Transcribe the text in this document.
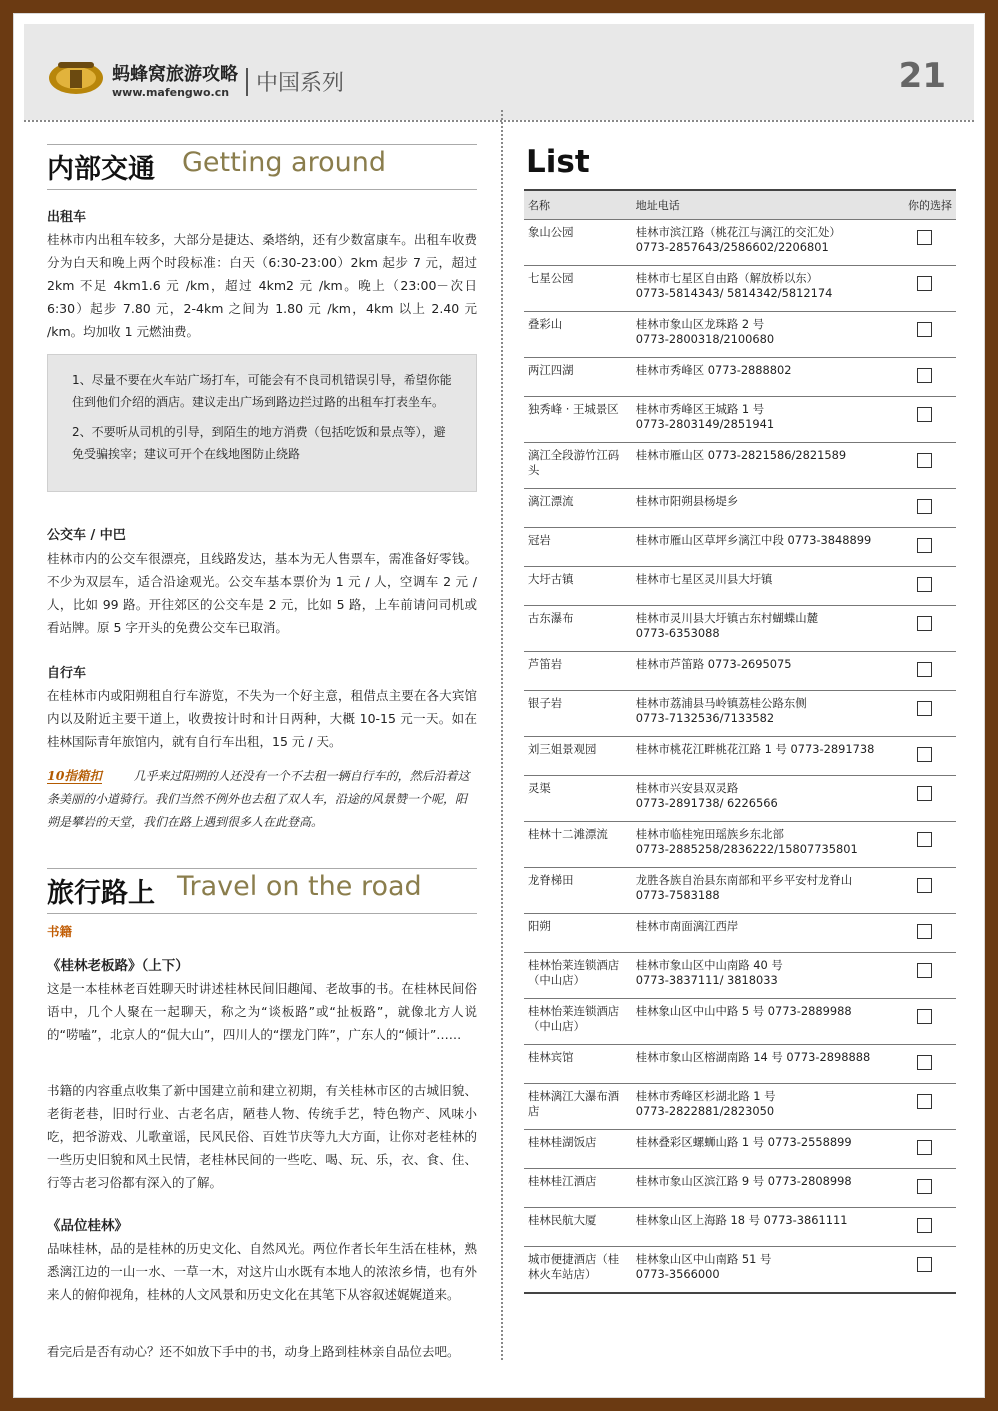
蚂蜂窝旅游攻略
www.mafengwo.cn 中国系列	21
内部交通 Getting around
出租车
桂林市内出租车较多，大部分是捷达、桑塔纳，还有少数富康车。出租车收费分为白天和晚上两个时段标准：白天（6:30-23:00）2km 起步 7 元，超过 2km 不足 4km1.6 元 /km，超过 4km2 元 /km。晚上（23:00－次日 6:30）起步 7.80 元，2-4km 之间为 1.80 元 /km，4km 以上 2.40 元 /km。均加收 1 元燃油费。

1、尽量不要在火车站广场打车，可能会有不良司机错误引导，希望你能住到他们介绍的酒店。建议走出广场到路边拦过路的出租车打表坐车。

2、不要听从司机的引导，到陌生的地方消费（包括吃饭和景点等），避免受骗挨宰；建议可开个在线地图防止绕路

公交车 / 中巴
桂林市内的公交车很漂亮，且线路发达，基本为无人售票车，需准备好零钱。不少为双层车，适合沿途观光。公交车基本票价为 1 元 / 人，空调车 2 元 / 人，比如 99 路。开往郊区的公交车是 2 元，比如 5 路，上车前请问司机或看站牌。原 5 字开头的免费公交车已取消。
自行车
在桂林市内或阳朔租自行车游览，不失为一个好主意，租借点主要在各大宾馆内以及附近主要干道上，收费按计时和计日两种，大概 10-15 元一天。如在桂林国际青年旅馆内，就有自行车出租，15 元 / 天。
10指箱扣	几乎来过阳朔的人还没有一个不去租一辆自行车的，然后沿着这条美丽的小道骑行。我们当然不例外也去租了双人车，沿途的风景赞一个呢，阳朔是攀岩的天堂，我们在路上遇到很多人在此登高。
旅行路上 Travel on the road
书籍
《桂林老板路》（上下）
这是一本桂林老百姓聊天时讲述桂林民间旧趣闻、老故事的书。在桂林民间俗语中，几个人聚在一起聊天，称之为“谈板路”或“扯板路”，就像北方人说的“唠嗑”，北京人的“侃大山”，四川人的“摆龙门阵”，广东人的“倾计”……
书籍的内容重点收集了新中国建立前和建立初期，有关桂林市区的古城旧貌、老街老巷，旧时行业、古老名店，陋巷人物、传统手艺，特色物产、风味小吃，把爷游戏、儿歌童谣，民风民俗、百姓节庆等九大方面，让你对老桂林的一些历史旧貌和风土民情，老桂林民间的一些吃、喝、玩、乐，衣、食、住、行等古老习俗都有深入的了解。
《品位桂林》
品味桂林，品的是桂林的历史文化、自然风光。两位作者长年生活在桂林，熟悉漓江边的一山一水、一草一木，对这片山水既有本地人的浓浓乡情，也有外来人的俯仰视角，桂林的人文风景和历史文化在其笔下从容叙述娓娓道来。
看完后是否有动心？还不如放下手中的书，动身上路到桂林亲自品位去吧。
List
名称	地址电话	你的选择
象山公园	桂林市滨江路（桃花江与漓江的交汇处）
0773-2857643/2586602/2206801	

七星公园	桂林市七星区自由路（解放桥以东）
0773-5814343/ 5814342/5812174	

叠彩山	桂林市象山区龙珠路 2 号
0773-2800318/2100680	

两江四湖	桂林市秀峰区 0773-2888802	

独秀峰 · 王城景区	桂林市秀峰区王城路 1 号
0773-2803149/2851941	

漓江全段游竹江码头	桂林市雁山区 0773-2821586/2821589	

漓江漂流	桂林市阳朔县杨堤乡	

冠岩	桂林市雁山区草坪乡漓江中段 0773-3848899	

大圩古镇	桂林市七星区灵川县大圩镇	

古东瀑布	桂林市灵川县大圩镇古东村蝴蝶山麓
0773-6353088	

芦笛岩	桂林市芦笛路 0773-2695075	

银子岩	桂林市荔浦县马岭镇荔桂公路东侧
0773-7132536/7133582	

刘三姐景观园	桂林市桃花江畔桃花江路 1 号 0773-2891738	

灵渠	桂林市兴安县双灵路
0773-2891738/ 6226566	

桂林十二滩漂流	桂林市临桂宛田瑶族乡东北部
0773-2885258/2836222/15807735801	

龙脊梯田	龙胜各族自治县东南部和平乡平安村龙脊山
0773-7583188	

阳朔	桂林市南面漓江西岸	

桂林怡莱连锁酒店（中山店）	桂林市象山区中山南路 40 号
0773-3837111/ 3818033	

桂林怡莱连锁酒店（中山店）	桂林象山区中山中路 5 号 0773-2889988	

桂林宾馆	桂林市象山区榕湖南路 14 号 0773-2898888	

桂林漓江大瀑布酒店	桂林市秀峰区杉湖北路 1 号
0773-2822881/2823050	

桂林桂湖饭店	桂林叠彩区螺蛳山路 1 号 0773-2558899	

桂林桂江酒店	桂林市象山区滨江路 9 号 0773-2808998	

桂林民航大厦	桂林象山区上海路 18 号 0773-3861111	

城市便捷酒店（桂林火车站店）	桂林象山区中山南路 51 号
0773-3566000	
